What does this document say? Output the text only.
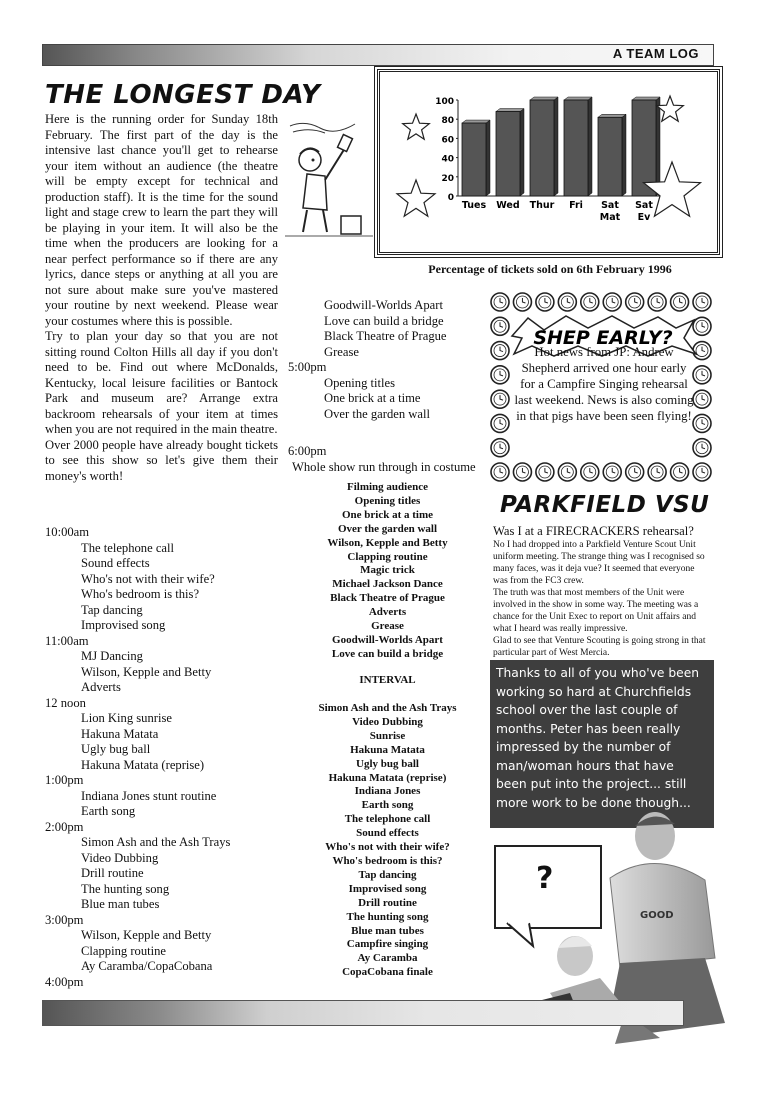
A TEAM LOG
THE LONGEST DAY

Here is the running order for Sunday 18th February. The first part of the day is the intensive last chance you'll get to rehearse your item without an audience (the theatre will be empty except for technical and production staff). It is the time for the sound light and stage crew to learn the part they will be playing in your item. It will also be the time when the producers are looking for a near perfect performance so if there are any lyrics, dance steps or anything at all you are not sure about make sure you've mastered your routine by next weekend. Please wear your costumes where this is possible.

Try to plan your day so that you are not sitting round Colton Hills all day if you don't need to be. Find out where McDonalds, Kentucky, local leisure facilities or Bantock Park and museum are? Arrange extra backroom rehearsals of your item at times when you are not required in the main theatre.

Over 2000 people have already bought tickets to see this show so let's give them their money's worth!

0
20
40
60
80
100
Tues Wed Thur Fri Sat
Mat
Sat
Ev
Percentage of tickets sold on 6th February 1996

10:00am

The telephone call

Sound effects

Who's not with their wife?

Who's bedroom is this?

Tap dancing

Improvised song

11:00am

MJ Dancing

Wilson, Kepple and Betty

Adverts

12 noon

Lion King sunrise

Hakuna Matata

Ugly bug ball

Hakuna Matata (reprise)

1:00pm

Indiana Jones stunt routine

Earth song

2:00pm

Simon Ash and the Ash Trays

Video Dubbing

Drill routine

The hunting song

Blue man tubes

3:00pm

Wilson, Kepple and Betty

Clapping routine

Ay Caramba/CopaCobana

4:00pm

Goodwill-Worlds Apart
Love can build a bridge
Black Theatre of Prague
Grease

5:00pm

Opening titles
One brick at a time
Over the garden wall

6:00pm

Whole show run through in costume

Filming audience
Opening titles
One brick at a time
Over the garden wall
Wilson, Kepple and Betty
Clapping routine
Magic trick
Michael Jackson Dance
Black Theatre of Prague
Adverts
Grease
Goodwill-Worlds Apart
Love can build a bridge
INTERVAL
Simon Ash and the Ash Trays
Video Dubbing
Sunrise
Hakuna Matata
Ugly bug ball
Hakuna Matata (reprise)
Indiana Jones
Earth song
The telephone call
Sound effects
Who's not with their wife?
Who's bedroom is this?
Tap dancing
Improvised song
Drill routine
The hunting song
Blue man tubes
Campfire singing
Ay Caramba
CopaCobana finale
SHEP EARLY?
Hot news from JP: Andrew Shepherd arrived one hour early for a Campfire Singing rehearsal last weekend. News is also coming in that pigs have been seen flying!
PARKFIELD VSU

Was I at a FIRECRACKERS rehearsal?

No I had dropped into a Parkfield Venture Scout Unit uniform meeting. The strange thing was I recognised so many faces, was it deja vue? It seemed that everyone was from the FC3 crew.

The truth was that most members of the Unit were involved in the show in some way. The meeting was a chance for the Unit Exec to report on Unit affairs and what I heard was really impressive.

Glad to see that Venture Scouting is going strong in that particular part of West Mercia.

Thanks to all of you who've been working so hard at Churchfields school over the last couple of months. Peter has been really impressed by the number of man/woman hours that have been put into the project... still more work to be done though...
?
GOOD
